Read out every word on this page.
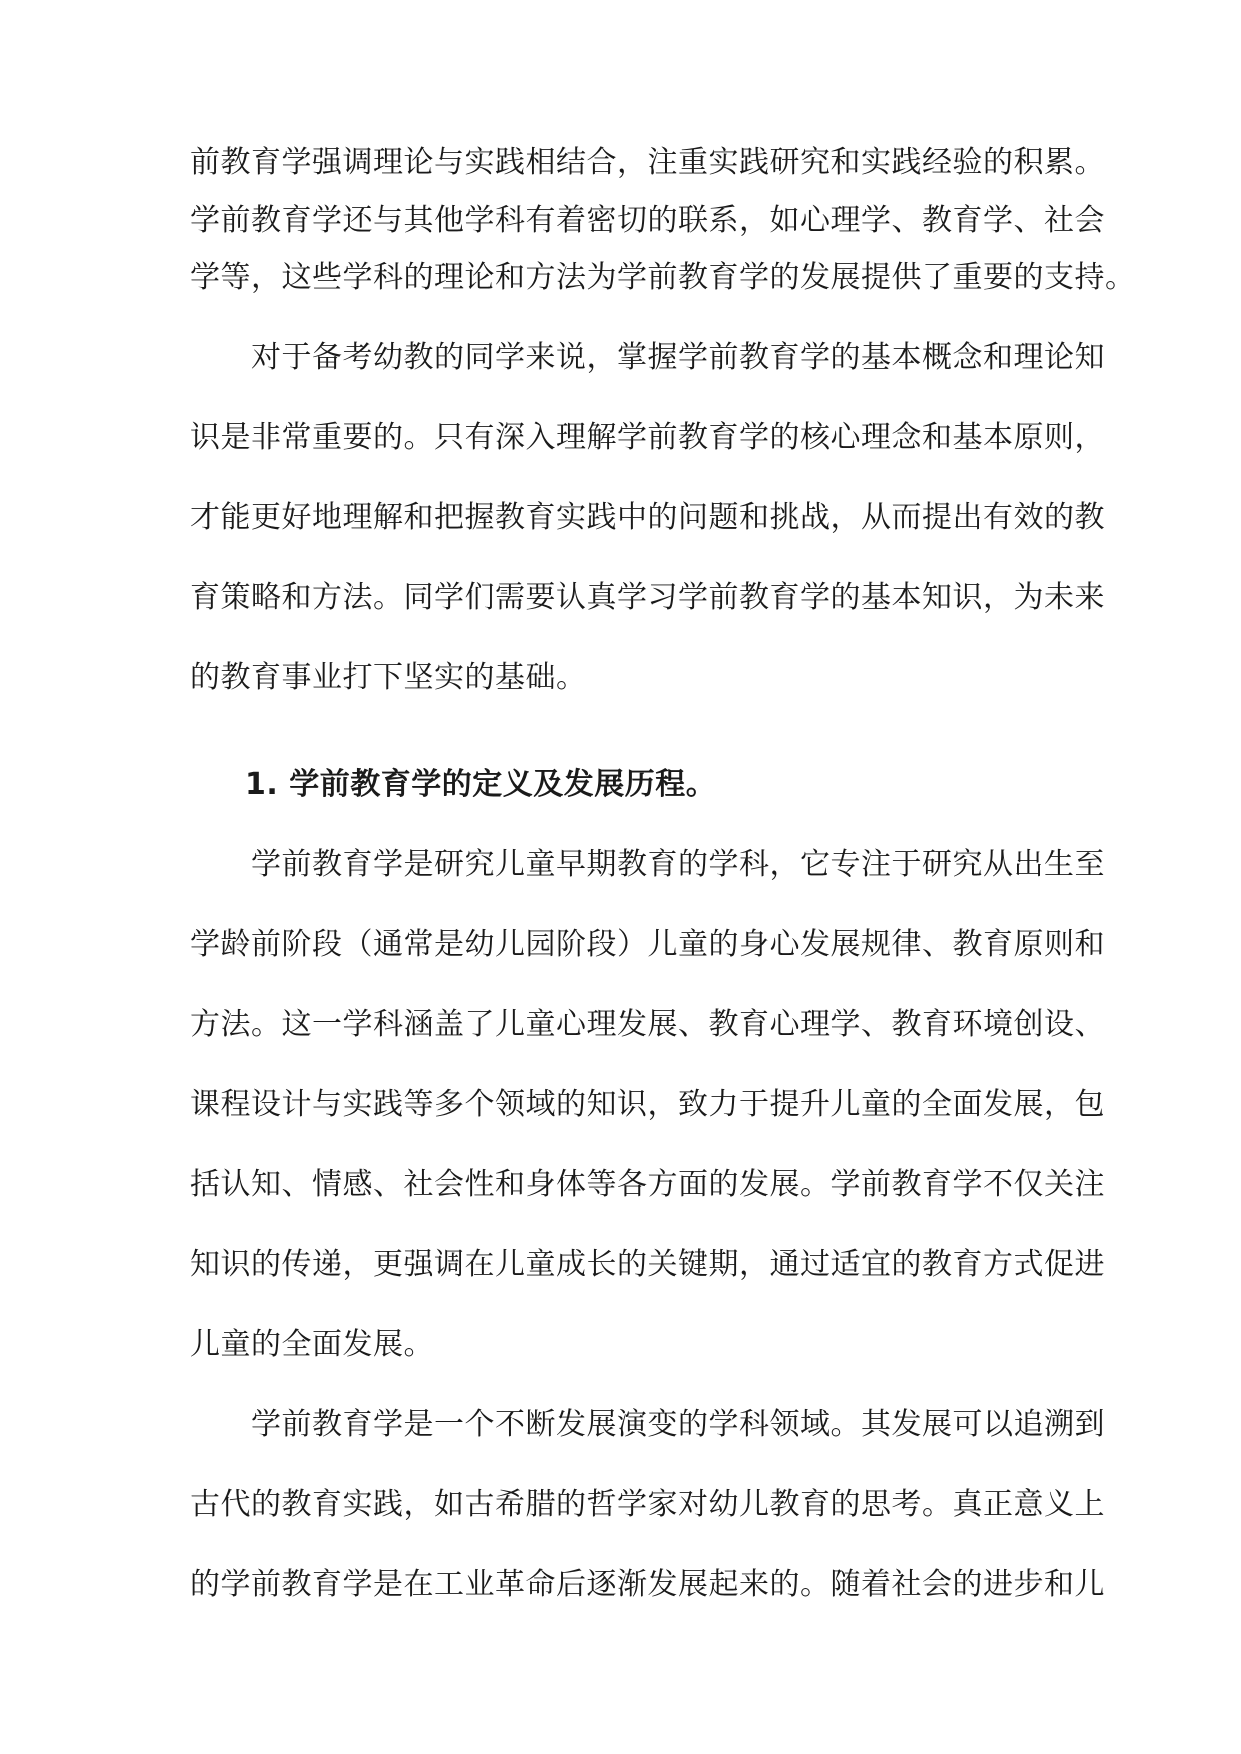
前教育学强调理论与实践相结合，注重实践研究和实践经验的积累。
学前教育学还与其他学科有着密切的联系，如心理学、教育学、社会
学等，这些学科的理论和方法为学前教育学的发展提供了重要的支持。
　　对于备考幼教的同学来说，掌握学前教育学的基本概念和理论知
识是非常重要的。只有深入理解学前教育学的核心理念和基本原则，
才能更好地理解和把握教育实践中的问题和挑战，从而提出有效的教
育策略和方法。同学们需要认真学习学前教育学的基本知识，为未来
的教育事业打下坚实的基础。
1. 学前教育学的定义及发展历程。
　　学前教育学是研究儿童早期教育的学科，它专注于研究从出生至
学龄前阶段（通常是幼儿园阶段）儿童的身心发展规律、教育原则和
方法。这一学科涵盖了儿童心理发展、教育心理学、教育环境创设、
课程设计与实践等多个领域的知识，致力于提升儿童的全面发展，包
括认知、情感、社会性和身体等各方面的发展。学前教育学不仅关注
知识的传递，更强调在儿童成长的关键期，通过适宜的教育方式促进
儿童的全面发展。
　　学前教育学是一个不断发展演变的学科领域。其发展可以追溯到
古代的教育实践，如古希腊的哲学家对幼儿教育的思考。真正意义上
的学前教育学是在工业革命后逐渐发展起来的。随着社会的进步和儿
